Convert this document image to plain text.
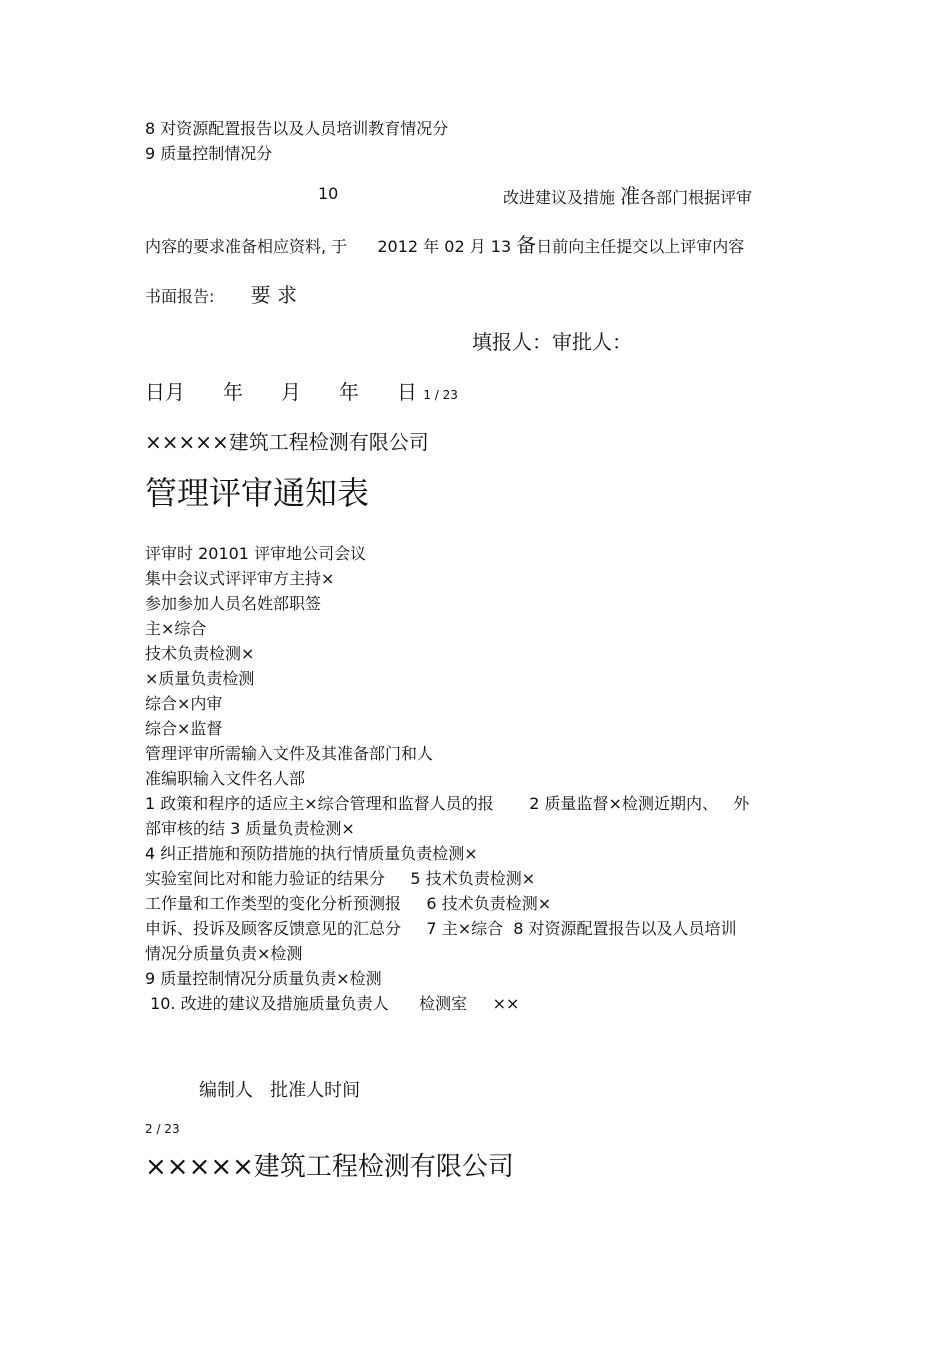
8 对资源配置报告以及人员培训教育情况分
9 质量控制情况分
10	改进建议及措施 准各部门根据评审
内容的要求准备相应资料, 于 2012 年 02 月 13 备日前向主任提交以上评审内容
书面报告: 要 求
填报人：审批人：
日月 年 月 年 日 1 / 23
×××××建筑工程检测有限公司
管理评审通知表
评审时 20101 评审地公司会议
集中会议式评评审方主持×
参加参加人员名姓部职签
主×综合
技术负责检测×
×质量负责检测
综合×内审
综合×监督
管理评审所需输入文件及其准备部门和人
准编职输入文件名人部
1 政策和程序的适应主×综合管理和监督人员的报       2 质量监督×检测近期内、   外
部审核的结 3 质量负责检测×
4 纠正措施和预防措施的执行情质量负责检测×
实验室间比对和能力验证的结果分     5 技术负责检测×
工作量和工作类型的变化分析预测报     6 技术负责检测×
申诉、投诉及顾客反馈意见的汇总分     7 主×综合  8 对资源配置报告以及人员培训
情况分质量负责×检测
9 质量控制情况分质量负责×检测
10. 改进的建议及措施质量负责人      检测室     ××
编制人   批准人时间
2 / 23
×××××建筑工程检测有限公司
